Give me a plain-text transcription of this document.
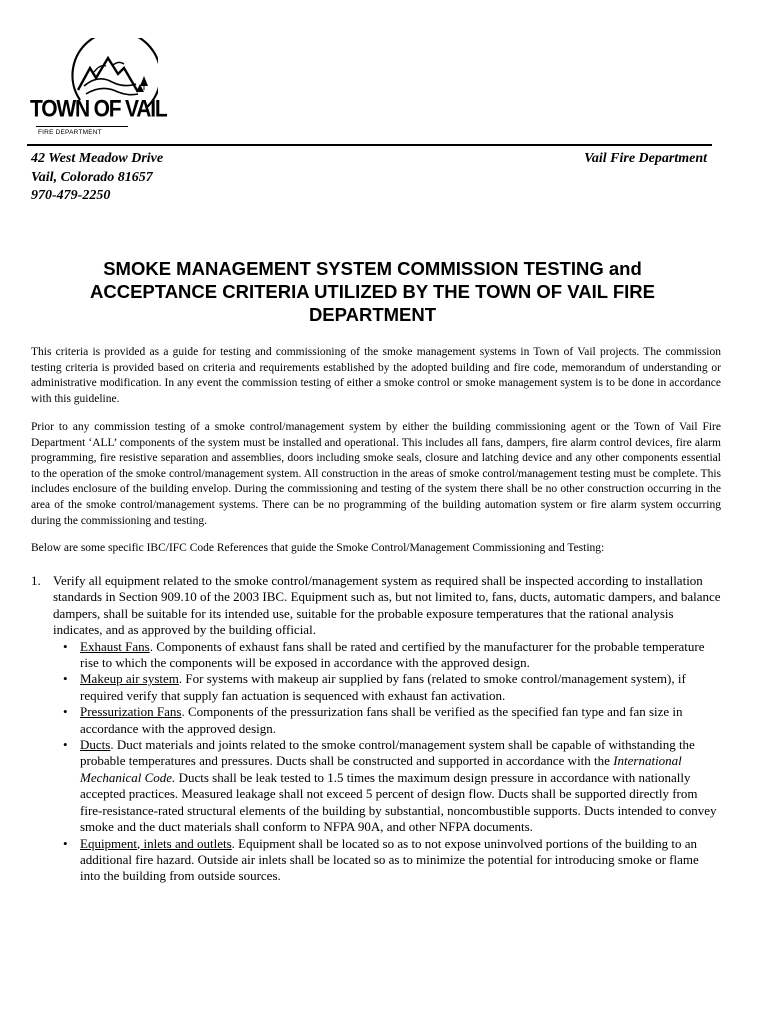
TOWN OF VAIL
FIRE DEPARTMENT
42 West Meadow Drive
Vail, Colorado 81657
970-479-2250
Vail Fire Department
SMOKE MANAGEMENT SYSTEM COMMISSION TESTING and ACCEPTANCE CRITERIA UTILIZED BY THE TOWN OF VAIL FIRE DEPARTMENT
This criteria is provided as a guide for testing and commissioning of the smoke management systems in Town of Vail projects. The commission testing criteria is provided based on criteria and requirements established by the adopted building and fire code, memorandum of understanding or administrative modification. In any event the commission testing of either a smoke control or smoke management system is to be done in accordance with this guideline.
Prior to any commission testing of a smoke control/management system by either the building commissioning agent or the Town of Vail Fire Department ‘ALL’ components of the system must be installed and operational. This includes all fans, dampers, fire alarm control devices, fire alarm programming, fire resistive separation and assemblies, doors including smoke seals, closure and latching device and any other components essential to the operation of the smoke control/management system. All construction in the areas of smoke control/management testing must be complete. This includes enclosure of the building envelop. During the commissioning and testing of the system there shall be no other construction occurring in the area of the smoke control/management systems. There can be no programming of the building automation system or fire alarm system occurring during the commissioning and testing.
Below are some specific IBC/IFC Code References that guide the Smoke Control/Management Commissioning and Testing:
1. Verify all equipment related to the smoke control/management system as required shall be inspected according to installation standards in Section 909.10 of the 2003 IBC. Equipment such as, but not limited to, fans, ducts, automatic dampers, and balance dampers, shall be suitable for its intended use, suitable for the probable exposure temperatures that the rational analysis indicates, and as approved by the building official.
• Exhaust Fans. Components of exhaust fans shall be rated and certified by the manufacturer for the probable temperature rise to which the components will be exposed in accordance with the approved design.
• Makeup air system. For systems with makeup air supplied by fans (related to smoke control/management system), if required verify that supply fan actuation is sequenced with exhaust fan activation.
• Pressurization Fans. Components of the pressurization fans shall be verified as the specified fan type and fan size in accordance with the approved design.
• Ducts. Duct materials and joints related to the smoke control/management system shall be capable of withstanding the probable temperatures and pressures. Ducts shall be constructed and supported in accordance with the International Mechanical Code. Ducts shall be leak tested to 1.5 times the maximum design pressure in accordance with nationally accepted practices. Measured leakage shall not exceed 5 percent of design flow. Ducts shall be supported directly from fire-resistance-rated structural elements of the building by substantial, noncombustible supports. Ducts intended to convey smoke and the duct materials shall conform to NFPA 90A, and other NFPA documents.
• Equipment, inlets and outlets. Equipment shall be located so as to not expose uninvolved portions of the building to an additional fire hazard. Outside air inlets shall be located so as to minimize the potential for introducing smoke or flame into the building from outside sources.
